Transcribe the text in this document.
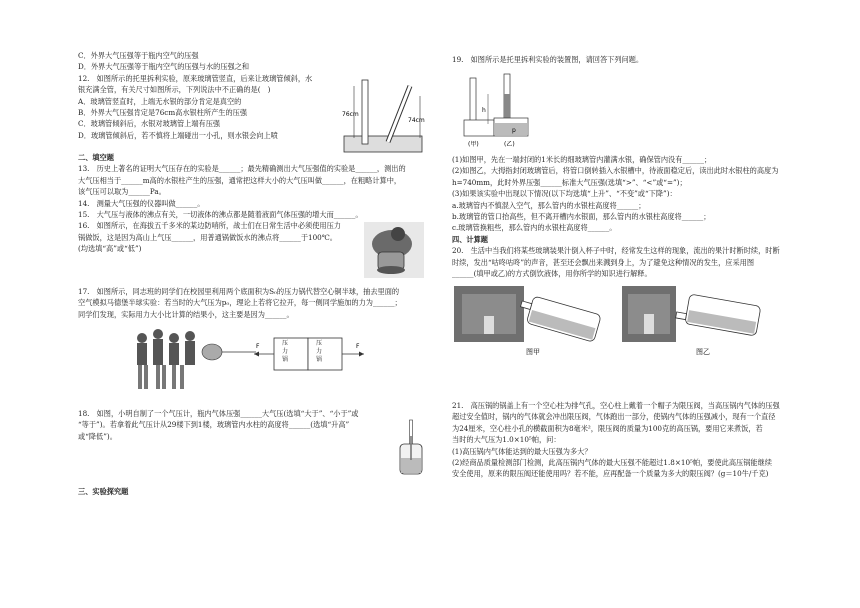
C．外界大气压强等于瓶内空气的压强
D．外界大气压强等于瓶内空气的压强与水的压强之和
12.　如图所示的托里拆利实验，原来玻璃管竖直，后来让玻璃管倾斜，水
银充满全管，有关尺寸如图所示，下列说法中不正确的是(　)
A．玻璃管竖直时，上端无水银的部分肯定是真空的
B．外界大气压强肯定是76cm高水银柱所产生的压强
C．玻璃管倾斜后，水银对玻璃管上端有压强
D．玻璃管倾斜后，若不慎将上端碰出一小孔，则水银会向上喷
76cm
74cm
二、填空题
13.　历史上著名的证明大气压存在的实验是______；最先精确测出大气压强值的实验是______，测出的
大气压相当于______m高的水银柱产生的压强，通常把这样大小的大气压叫做______，在粗略计算中，
该气压可以取为______Pa。
14.　测量大气压强的仪器叫做______。
15.　大气压与液体的沸点有关，一切液体的沸点都是随着液面气体压强的增大而______。
16.　如图所示，在海拔五千多米的某边防哨所，战士们在日常生活中必须使用压力
锅做饭，这是因为高山上气压______，用普通锅做饭水的沸点将______于100℃。
(均选填“高”或“低”)
17.　如图所示，同志班的同学们在校园里利用两个底面积为S₀的压力锅代替空心铜半球，抽去里面的
空气模拟马德堡半球实验：若当时的大气压为p₀，理论上若将它拉开，每一侧同学施加的力为______；
同学们发现，实际用力大小比计算的结果小，这主要是因为______。
F	F
压力锅
压力锅
18.　如图，小明自制了一个气压计，瓶内气体压强______大气压(选填“大于”、“小于”或
“等于”)。若拿着此气压计从29楼下到1楼，玻璃管内水柱的高度将______(选填“升高”
或“降低”)。
三、实验探究题
19.　如图所示是托里拆利实验的装置图，请回答下列问题。
h
p
(甲)	(乙)
(1)如图甲，先在一端封闭的1米长的细玻璃管内灌满水银，确保管内没有______；
(2)如图乙，大拇指封闭玻璃管后，将管口倒转插入水银槽中，待液面稳定后，读出此时水银柱的高度为
h=740mm，此时外界压强______标准大气压强(选填“>”、“<”或“=”)；
(3)如果该实验中出现以下情况(以下均选填“上升”、“不变”或“下降”)：
a.玻璃管内不慎混入空气，那么管内的水银柱高度将______；
b.玻璃管的管口抬高些，但不离开槽内水银面，那么管内的水银柱高度将______；
c.玻璃管换粗些，那么管内的水银柱高度将______。
四、计算题
20.　生活中当我们将某些玻璃装果汁倒入杯子中时，经常发生这样的现象，流出的果汁时断时续，时断
时续，发出“咕咚咕咚”的声音，甚至还会飘出来溅到身上，为了避免这种情况的发生，应采用图
______(填甲或乙)的方式倒饮液体，用你所学的知识进行解释。
图甲	图乙
21.　高压锅的锅盖上有一个空心柱为排气孔，空心柱上戴着一个帽子为限压阀，当高压锅内气体的压强
超过安全值时，锅内的气体就会冲出限压阀，气体跑出一部分，使锅内气体的压强减小，现有一个直径
为24厘米，空心柱小孔的横截面积为8毫米²，限压阀的质量为100克的高压锅，要用它来煮饭，若
当时的大气压为1.0×10⁵帕，问：
(1)高压锅内气体能达到的最大压强为多大？
(2)经商品质量检测部门检测，此高压锅内气体的最大压强不能超过1.8×10⁵帕，要使此高压锅能继续
安全使用，原来的限压阀还能使用吗？若不能，应再配备一个质量为多大的限压阀？(g＝10牛/千克)
